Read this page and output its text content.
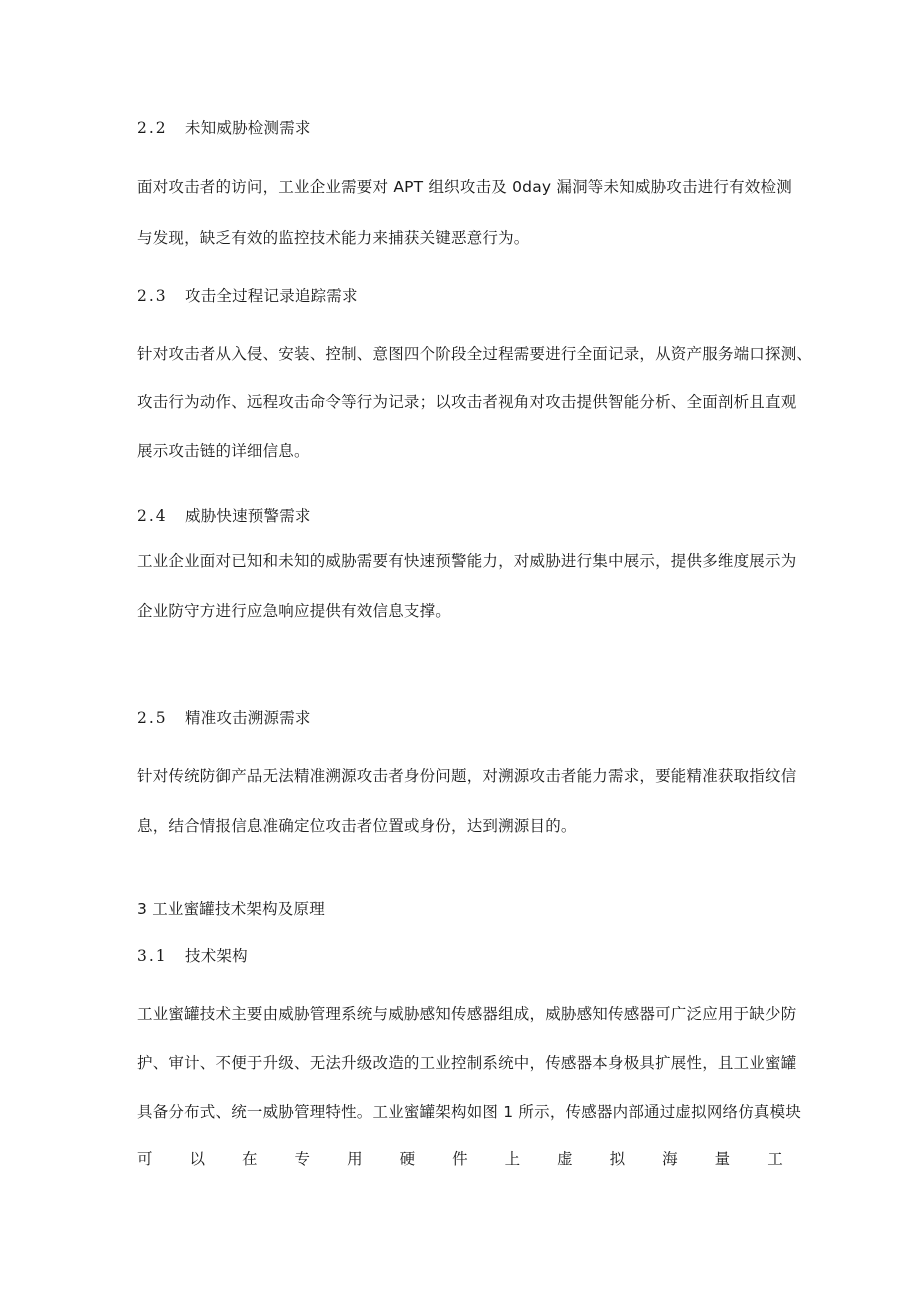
2.2 未知威胁检测需求
面对攻击者的访问，工业企业需要对 APT 组织攻击及 0day 漏洞等未知威胁攻击进行有效检测
与发现，缺乏有效的监控技术能力来捕获关键恶意行为。
2.3 攻击全过程记录追踪需求
针对攻击者从入侵、安装、控制、意图四个阶段全过程需要进行全面记录，从资产服务端口探测、
攻击行为动作、远程攻击命令等行为记录；以攻击者视角对攻击提供智能分析、全面剖析且直观
展示攻击链的详细信息。
2.4 威胁快速预警需求
工业企业面对已知和未知的威胁需要有快速预警能力，对威胁进行集中展示，提供多维度展示为
企业防守方进行应急响应提供有效信息支撑。
2.5 精准攻击溯源需求
针对传统防御产品无法精准溯源攻击者身份问题，对溯源攻击者能力需求，要能精准获取指纹信
息，结合情报信息准确定位攻击者位置或身份，达到溯源目的。
3 工业蜜罐技术架构及原理
3.1 技术架构
工业蜜罐技术主要由威胁管理系统与威胁感知传感器组成，威胁感知传感器可广泛应用于缺少防
护、审计、不便于升级、无法升级改造的工业控制系统中，传感器本身极具扩展性，且工业蜜罐
具备分布式、统一威胁管理特性。工业蜜罐架构如图 1 所示，传感器内部通过虚拟网络仿真模块
可 以 在 专 用 硬 件 上 虚 拟 海 量 工
